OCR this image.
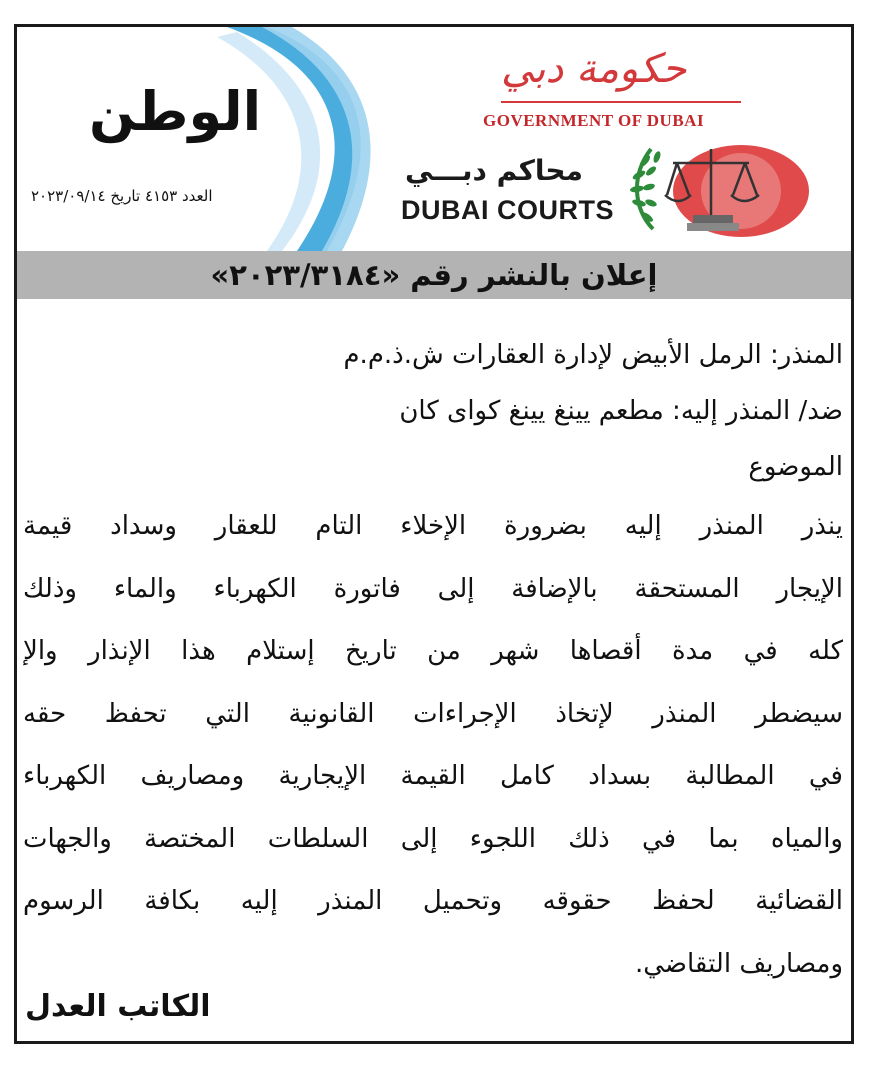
الوطن
العدد ٤١٥٣ تاريخ ٢٠٢٣/٠٩/١٤
حكومة دبي
GOVERNMENT OF DUBAI
محاكم دبـــي
DUBAI COURTS
إعلان بالنشر رقم «٢٠٢٣/٣١٨٤»
المنذر: الرمل الأبيض لإدارة العقارات ش.ذ.م.م
ضد/ المنذر إليه: مطعم يينغ يينغ كواى كان
الموضوع
ينذر المنذر إليه بضرورة الإخلاء التام للعقار وسداد قيمة
الإيجار المستحقة بالإضافة إلى فاتورة الكهرباء والماء وذلك
كله في مدة أقصاها شهر من تاريخ إستلام هذا الإنذار والإ
سيضطر المنذر لإتخاذ الإجراءات القانونية التي تحفظ حقه
في المطالبة بسداد كامل القيمة الإيجارية ومصاريف الكهرباء
والمياه بما في ذلك اللجوء إلى السلطات المختصة والجهات
القضائية لحفظ حقوقه وتحميل المنذر إليه بكافة الرسوم
ومصاريف التقاضي.
الكاتب العدل
